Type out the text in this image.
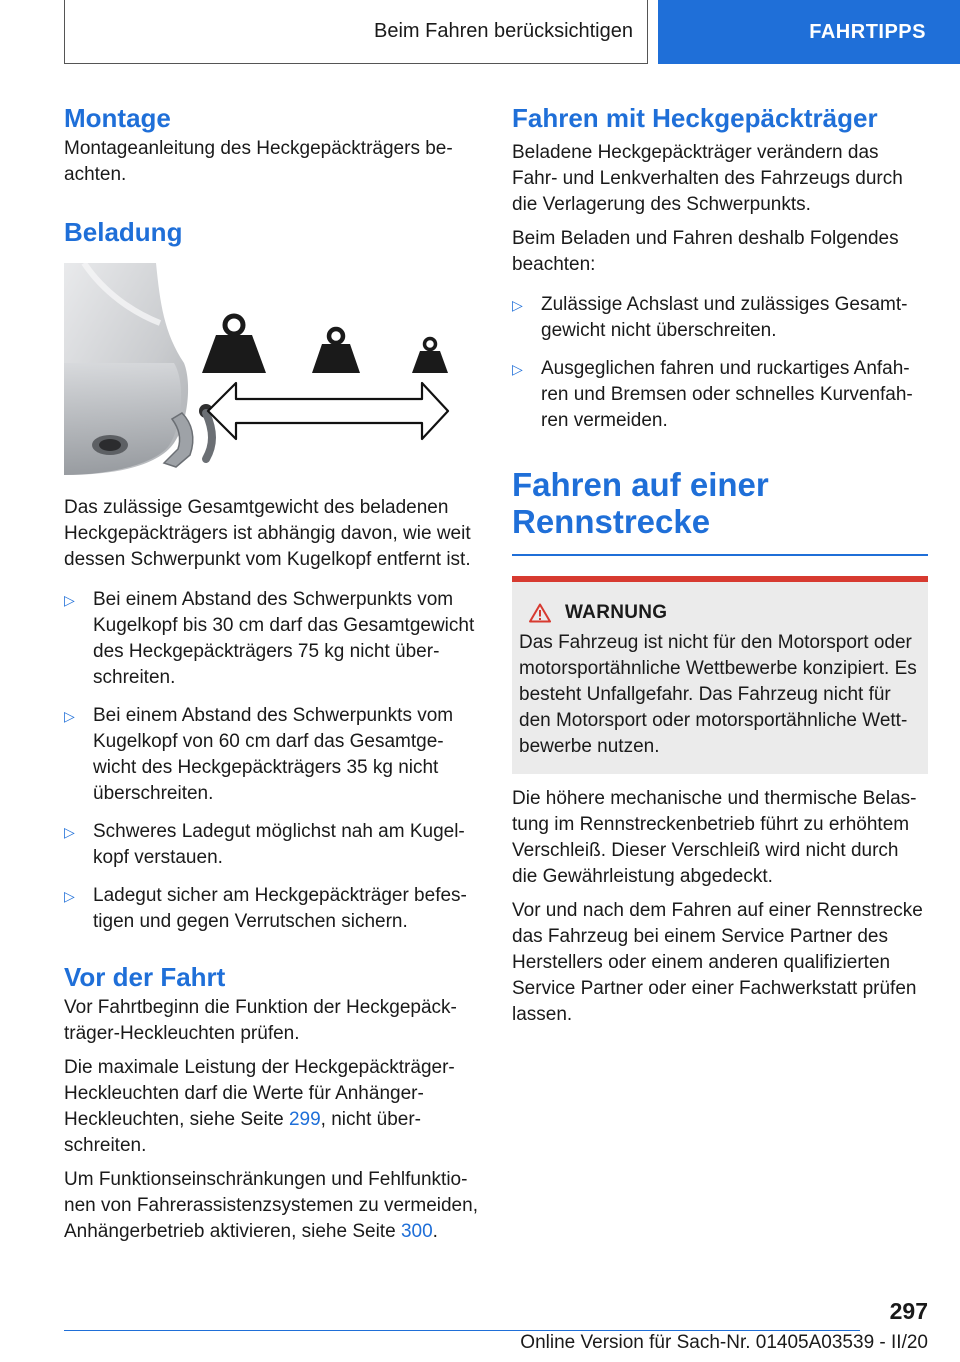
Beim Fahren berücksichtigen	FAHRTIPPS
Montage

Montageanleitung des Heckgepäckträgers be-achten.

Beladung

Das zulässige Gesamtgewicht des beladenen Heckgepäckträgers ist abhängig davon, wie weit dessen Schwerpunkt vom Kugelkopf entfernt ist.

▷ Bei einem Abstand des Schwerpunkts vom Kugelkopf bis 30 cm darf das Gesamtgewicht des Heckgepäckträgers 75 kg nicht über-schreiten.
▷ Bei einem Abstand des Schwerpunkts vom Kugelkopf von 60 cm darf das Gesamtge-wicht des Heckgepäckträgers 35 kg nicht überschreiten.
▷ Schweres Ladegut möglichst nah am Kugel-kopf verstauen.
▷ Ladegut sicher am Heckgepäckträger befes-tigen und gegen Verrutschen sichern.
Vor der Fahrt

Vor Fahrtbeginn die Funktion der Heckgepäck-träger-Heckleuchten prüfen.

Die maximale Leistung der Heckgepäckträger-Heckleuchten darf die Werte für Anhänger-Heckleuchten, siehe Seite 299, nicht über-schreiten.

Um Funktionseinschränkungen und Fehlfunktio-nen von Fahrerassistenzsystemen zu vermeiden, Anhängerbetrieb aktivieren, siehe Seite 300.

Fahren mit Heckgepäckträger

Beladene Heckgepäckträger verändern das Fahr- und Lenkverhalten des Fahrzeugs durch die Verlagerung des Schwerpunkts.

Beim Beladen und Fahren deshalb Folgendes beachten:

▷ Zulässige Achslast und zulässiges Gesamt-gewicht nicht überschreiten.
▷ Ausgeglichen fahren und ruckartiges Anfah-ren und Bremsen oder schnelles Kurvenfah-ren vermeiden.
Fahren auf einer
Rennstrecke
WARNUNG

Das Fahrzeug ist nicht für den Motorsport oder motorsportähnliche Wettbewerbe konzipiert. Es besteht Unfallgefahr. Das Fahrzeug nicht für den Motorsport oder motorsportähnliche Wett-bewerbe nutzen.

Die höhere mechanische und thermische Belas-tung im Rennstreckenbetrieb führt zu erhöhtem Verschleiß. Dieser Verschleiß wird nicht durch die Gewährleistung abgedeckt.

Vor und nach dem Fahren auf einer Rennstrecke das Fahrzeug bei einem Service Partner des Herstellers oder einem anderen qualifizierten Service Partner oder einer Fachwerkstatt prüfen lassen.

297
Online Version für Sach-Nr. 01405A03539 - II/20
